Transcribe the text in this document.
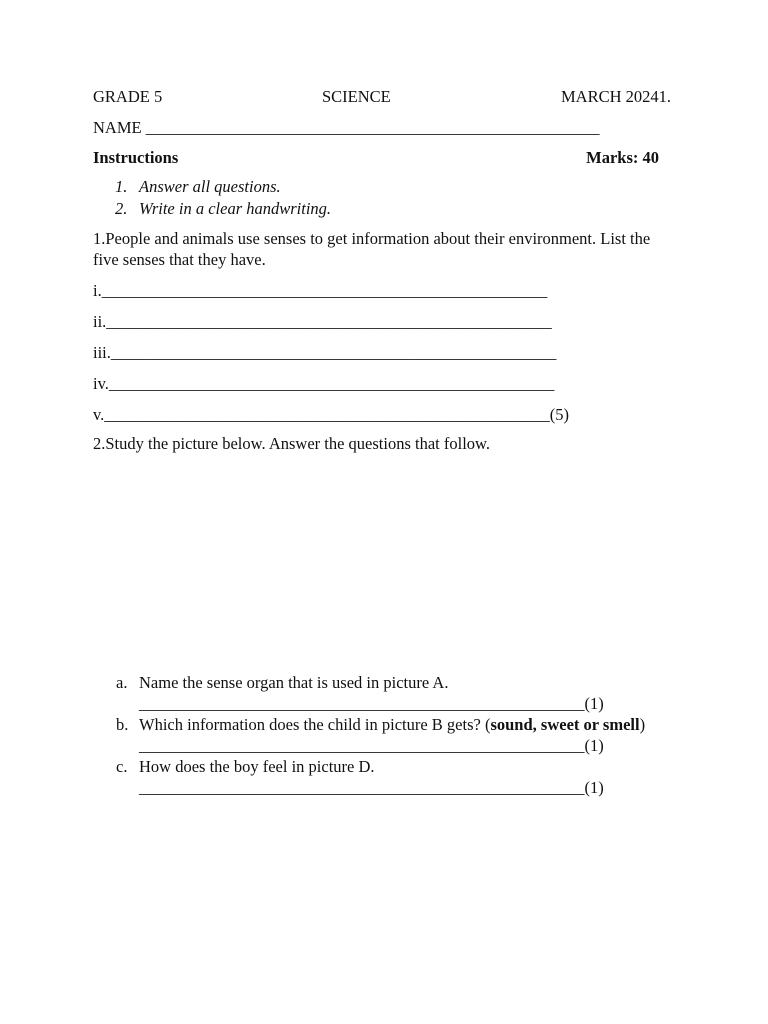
GRADE 5	SCIENCE	MARCH 20241.
NAME _______________________________________________________
Instructions	Marks: 40
1. Answer all questions.
2. Write in a clear handwriting.
1.People and animals use senses to get information about their environment. List the five senses that they have.
i.______________________________________________________
ii.______________________________________________________
iii.______________________________________________________
iv.______________________________________________________
v.______________________________________________________(5)
2.Study the picture below. Answer the questions that follow.
a. Name the sense organ that is used in picture A.
______________________________________________________(1)
b. Which information does the child in picture B gets? (sound, sweet or smell)
______________________________________________________(1)
c. How does the boy feel in picture D.
______________________________________________________(1)
